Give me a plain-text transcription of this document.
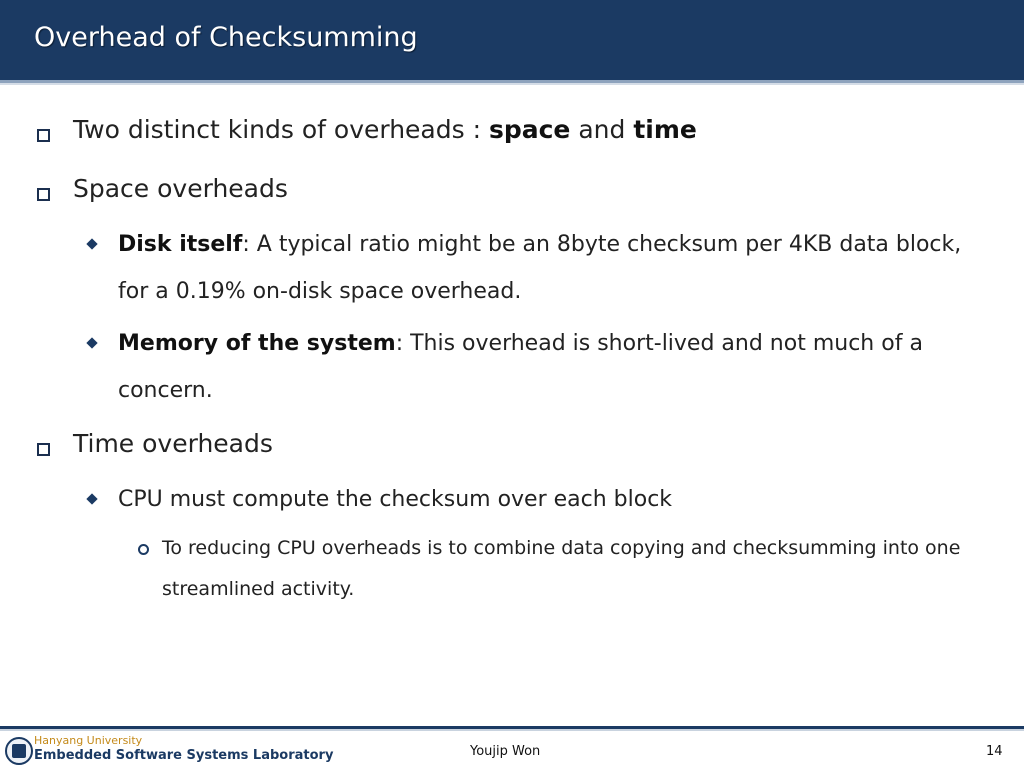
Overhead of Checksumming
Two distinct kinds of overheads : space and time
Space overheads
Disk itself: A typical ratio might be an 8byte checksum per 4KB data block, for a 0.19% on-disk space overhead.
Memory of the system: This overhead is short-lived and not much of a concern.
Time overheads
CPU must compute the checksum over each block
To reducing CPU overheads is to combine data copying and checksumming into one streamlined activity.
Hanyang University
Embedded Software Systems Laboratory	Youjip Won	14
